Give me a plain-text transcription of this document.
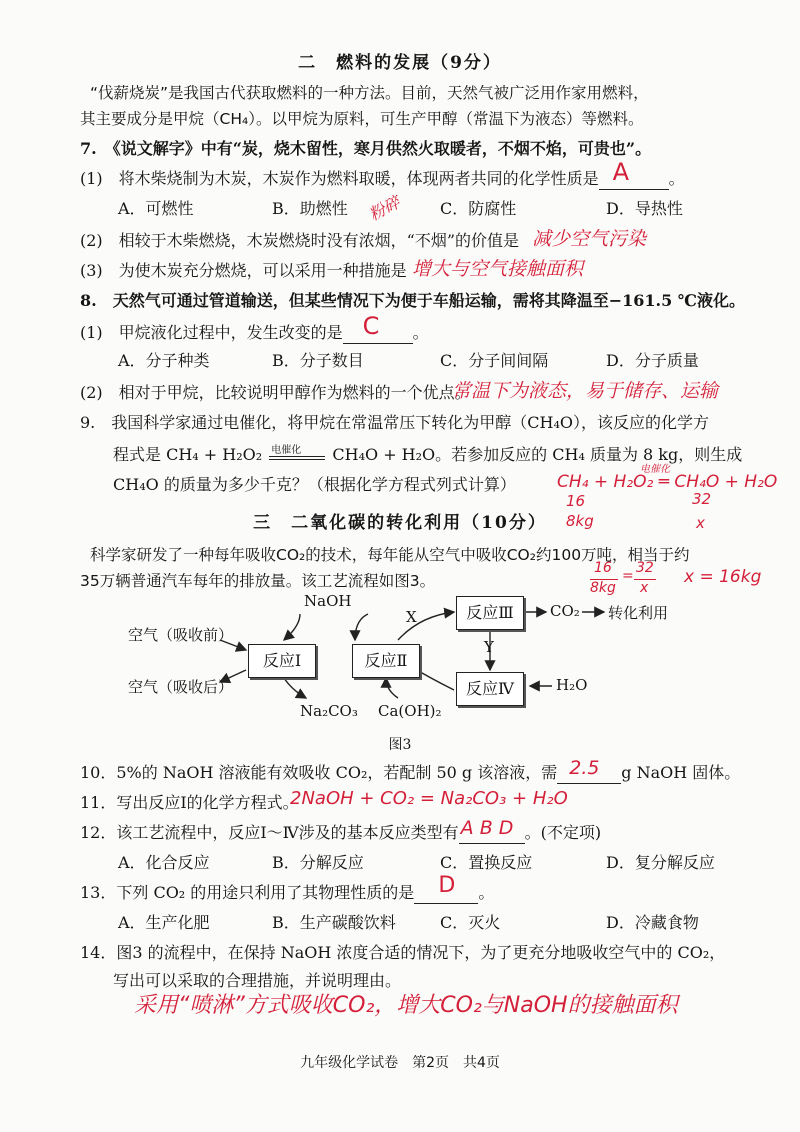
二　燃料的发展（9分）
“伐薪烧炭”是我国古代获取燃料的一种方法。目前，天然气被广泛用作家用燃料，
其主要成分是甲烷（CH₄）。以甲烷为原料，可生产甲醇（常温下为液态）等燃料。
7.　《说文解字》中有“炭，烧木留性，寒月供然火取暖者，不烟不焰，可贵也”。
(1)　将木柴烧制为木炭，木炭作为燃料取暖，体现两者共同的化学性质是 A 。
A．可燃性	B．助燃性	C．防腐性	D．导热性
粉碎
(2)　相较于木柴燃烧，木炭燃烧时没有浓烟，“不烟”的价值是 减少空气污染
(3)　为使木炭充分燃烧，可以采用一种措施是 增大与空气接触面积
8.　天然气可通过管道输送，但某些情况下为便于车船运输，需将其降温至−161.5 ℃液化。
(1)　甲烷液化过程中，发生改变的是 C 。
A．分子种类	B．分子数目	C．分子间间隔	D．分子质量
(2)　相对于甲烷，比较说明甲醇作为燃料的一个优点。
常温下为液态，易于储存、运输
9.　我国科学家通过电催化，将甲烷在常温常压下转化为甲醇（CH₄O），该反应的化学方
程式是 CH₄ + H₂O₂ 电催化 CH₄O + H₂O。若参加反应的 CH₄ 质量为 8 kg，则生成
CH₄O 的质量为多少千克？（根据化学方程式列式计算） CH₄ + H₂O₂ ═ CH₄O + H₂O
电催化
16
8kg
32
x
三　二氧化碳的转化利用（10分）
科学家研发了一种每年吸收CO₂的技术，每年能从空气中吸收CO₂约100万吨，相当于约
35万辆普通汽车每年的排放量。该工艺流程如图3。
16
8kg
= 32
x
x = 16kg
反应Ⅰ	反应Ⅱ
反应Ⅲ
反应Ⅳ
空气（吸收前）
空气（吸收后）
NaOH
Na₂CO₃ Ca(OH)₂
X
Y
CO₂ 转化利用
H₂O
图3
10．5%的 NaOH 溶液能有效吸收 CO₂，若配制 50 g 该溶液，需 2.5 g NaOH 固体。
11．写出反应Ⅰ的化学方程式。
2NaOH + CO₂ = Na₂CO₃ + H₂O
12．该工艺流程中，反应Ⅰ～Ⅳ涉及的基本反应类型有 A B D 。(不定项)
A．化合反应	B．分解反应	C．置换反应	D．复分解反应
13．下列 CO₂ 的用途只利用了其物理性质的是 D 。
A．生产化肥	B．生产碳酸饮料	C．灭火	D．冷藏食物
14．图3 的流程中，在保持 NaOH 浓度合适的情况下，为了更充分地吸收空气中的 CO₂，
写出可以采取的合理措施，并说明理由。
采用“喷淋”方式吸收CO₂，增大CO₂与NaOH的接触面积
九年级化学试卷　第2页　共4页
